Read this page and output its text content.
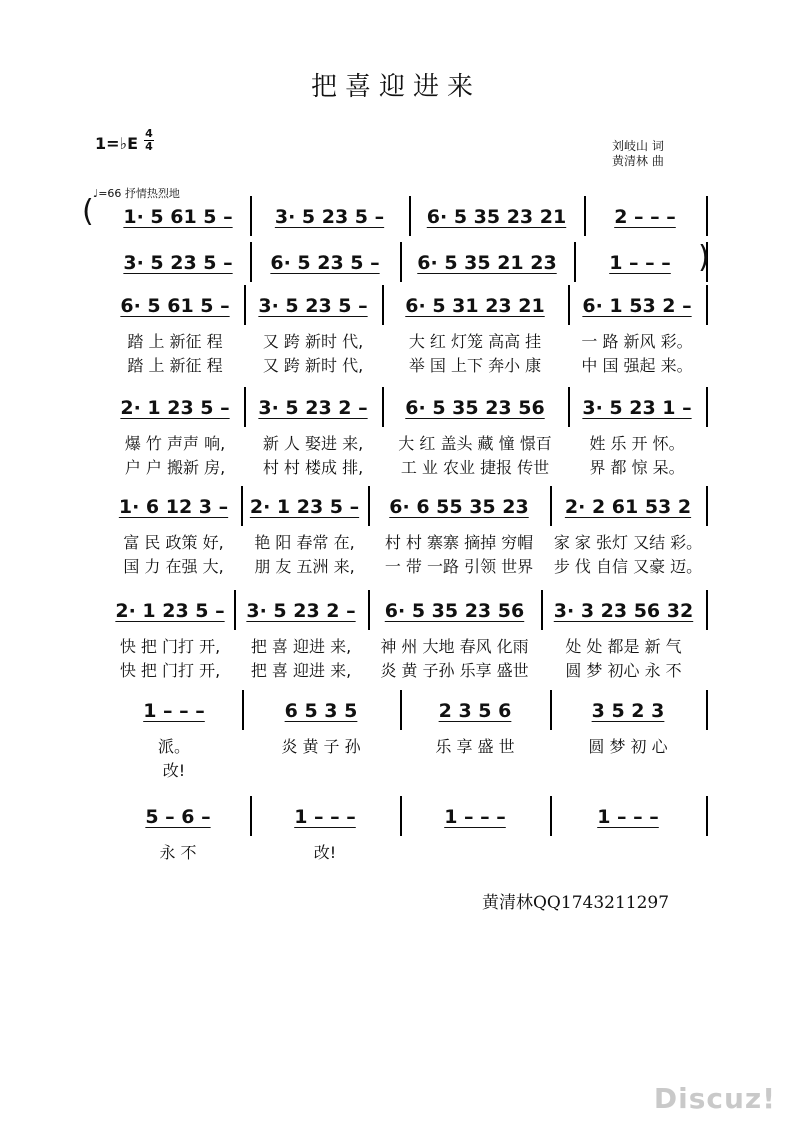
把喜迎进来
1=♭E
4
4	刘岐山 词
黄清林 曲
♩=66 抒情热烈地
1· 5 61 5 –	3· 5 23 5 –	6· 5 35 23 21	2 – – –
(
3· 5 23 5 –	6· 5 23 5 –	6· 5 35 21 23	1 – – – )
6· 5 61 5 –	3· 5 23 5 –	6· 5 31 23 21	6· 1 53 2 –
踏 上 新征 程	又 跨 新时 代,	大 红 灯笼 高高 挂	一 路 新风 彩。
踏 上 新征 程	又 跨 新时 代,	举 国 上下 奔小 康	中 国 强起 来。
2· 1 23 5 –	3· 5 23 2 –	6· 5 35 23 56	3· 5 23 1 –
爆 竹 声声 响,	新 人 娶进 来,	大 红 盖头 藏 憧 憬百	姓 乐 开 怀。
户 户 搬新 房,	村 村 楼成 排,	工 业 农业 捷报 传世	界 都 惊 呆。
1· 6 12 3 –	2· 1 23 5 –	6· 6 55 35 23	2· 2 61 53 2
富 民 政策 好,	艳 阳 春常 在,	村 村 寨寨 摘掉 穷帽	家 家 张灯 又结 彩。
国 力 在强 大,	朋 友 五洲 来,	一 带 一路 引领 世界	步 伐 自信 又豪 迈。
2· 1 23 5 –	3· 5 23 2 –	6· 5 35 23 56	3· 3 23 56 32
快 把 门打 开,	把 喜 迎进 来,	神 州 大地 春风 化雨	处 处 都是 新 气
快 把 门打 开,	把 喜 迎进 来,	炎 黄 子孙 乐享 盛世	圆 梦 初心 永 不
1 – – –	6 5 3 5	2 3 5 6	3 5 2 3
派。	炎 黄 子 孙	乐 享 盛 世	圆 梦 初 心
改!
5 – 6 –	1 – – –	1 – – –	1 – – –
永 不	改!
黄清林QQ1743211297
Discuz!
